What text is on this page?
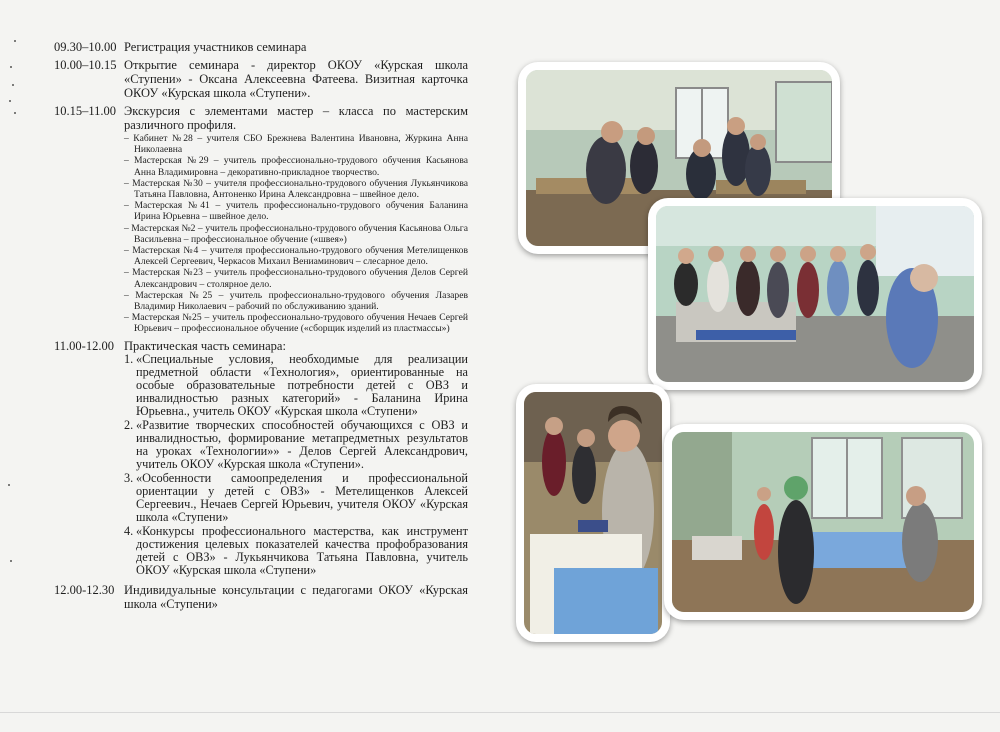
09.30–10.00 Регистрация участников семинара
10.00–10.15 Открытие семинара - директор ОКОУ «Курская школа «Ступени» - Оксана Алексеевна Фатеева. Визитная карточка ОКОУ «Курская школа «Ступени».
10.15–11.00 Экскурсия с элементами мастер – класса по мастерским различного профиля.
– Кабинет №28 – учителя СБО Брежнева Валентина Ивановна, Журкина Анна Николаевна
– Мастерская №29 – учитель профессионально-трудового обучения Касьянова Анна Владимировна – декоративно-прикладное творчество.
– Мастерская №30 – учителя профессионально-трудового обучения Лукьянчикова Татьяна Павловна, Антоненко Ирина Александровна – швейное дело.
– Мастерская №41 – учитель профессионально-трудового обучения Баланина Ирина Юрьевна – швейное дело.
– Мастерская №2 – учитель профессионально-трудового обучения Касьянова Ольга Васильевна – профессиональное обучение («швея»)
– Мастерская №4 – учителя профессионально-трудового обучения Метелищенков Алексей Сергеевич, Черкасов Михаил Вениаминович – слесарное дело.
– Мастерская №23 – учитель профессионально-трудового обучения Делов Сергей Александрович – столярное дело.
– Мастерская №25 – учитель профессионально-трудового обучения Лазарев Владимир Николаевич – рабочий по обслуживанию зданий.
– Мастерская №25 – учитель профессионально-трудового обучения Нечаев Сергей Юрьевич – профессиональное обучение («сборщик изделий из пластмассы»)
11.00-12.00 Практическая часть семинара:
1. «Специальные условия, необходимые для реализации предметной области «Технология», ориентированные на особые образовательные потребности детей с ОВЗ и инвалидностью разных категорий» - Баланина Ирина Юрьевна., учитель ОКОУ «Курская школа «Ступени»
2. «Развитие творческих способностей обучающихся с ОВЗ и инвалидностью, формирование метапредметных результатов на уроках «Технологии»» - Делов Сергей Александрович, учитель ОКОУ «Курская школа «Ступени».
3. «Особенности самоопределения и профессиональной ориентации у детей с ОВЗ» - Метелищенков Алексей Сергеевич., Нечаев Сергей Юрьевич, учителя ОКОУ «Курская школа «Ступени»
4. «Конкурсы профессионального мастерства, как инструмент достижения целевых показателей качества профобразования детей с ОВЗ» - Лукьянчикова Татьяна Павловна, учитель ОКОУ «Курская школа «Ступени»
12.00-12.30 Индивидуальные консультации с педагогами ОКОУ «Курская школа «Ступени»
